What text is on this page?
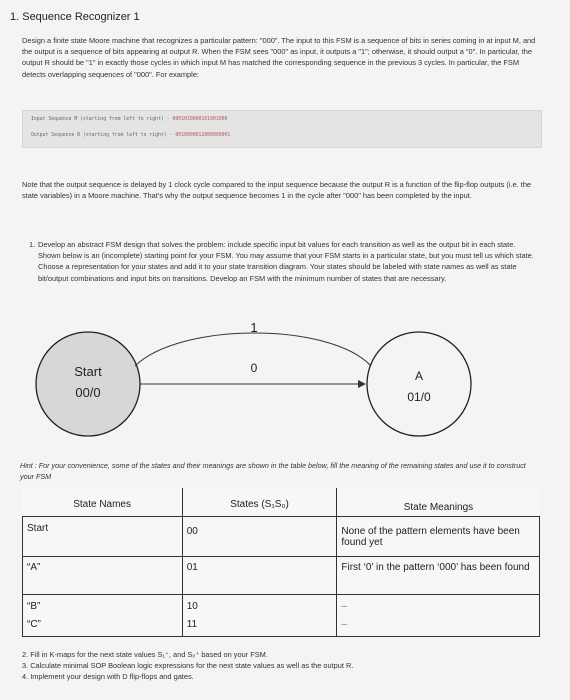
1. Sequence Recognizer 1
Design a finite state Moore machine that recognizes a particular pattern: "000". The input to this FSM is a sequence of bits in series coming in at input M, and the output is a sequence of bits appearing at output R. When the FSM sees "000" as input, it outputs a "1"; otherwise, it should output a "0". In particular, the output R should be "1" in exactly those cycles in which input M has matched the corresponding sequence in the previous 3 cycles. In particular, the FSM detects overlapping sequences of "000". For example:
Input Sequence M (starting from left to right) - 0001010000101001000
Output Sequence R (starting from left to right) - 0010000011000000001
Note that the output sequence is delayed by 1 clock cycle compared to the input sequence because the output R is a function of the flip-flop outputs (i.e. the state variables) in a Moore machine. That's why the output sequence becomes 1 in the cycle after "000" has been completed by the input.
1. Develop an abstract FSM design that solves the problem: include specific input bit values for each transition as well as the output bit in each state. Shown below is an (incomplete) starting point for your FSM. You may assume that your FSM starts in a particular state, but you must tell us which state. Choose a representation for your states and add it to your state transition diagram. Your states should be labeled with state names as well as state bit/output combinations and input bits on transitions. Develop an FSM with the minimum number of states that are necessary.
Start
00/0
A
01/0
1
0
Hint : For your convenience, some of the states and their meanings are shown in the table below, fill the meaning of the remaining states and use it to construct your FSM
State Names	States (S₁S₀)	State Meanings
Start	00	None of the pattern elements have been found yet
“A”	01	First ‘0’ in the pattern ‘000’ has been found
“B”	10	–
“C”	11	–
2. Fill in K-maps for the next state values S₁⁺, and S₀⁺ based on your FSM.
3. Calculate minimal SOP Boolean logic expressions for the next state values as well as the output R.
4. Implement your design with D flip-flops and gates.
